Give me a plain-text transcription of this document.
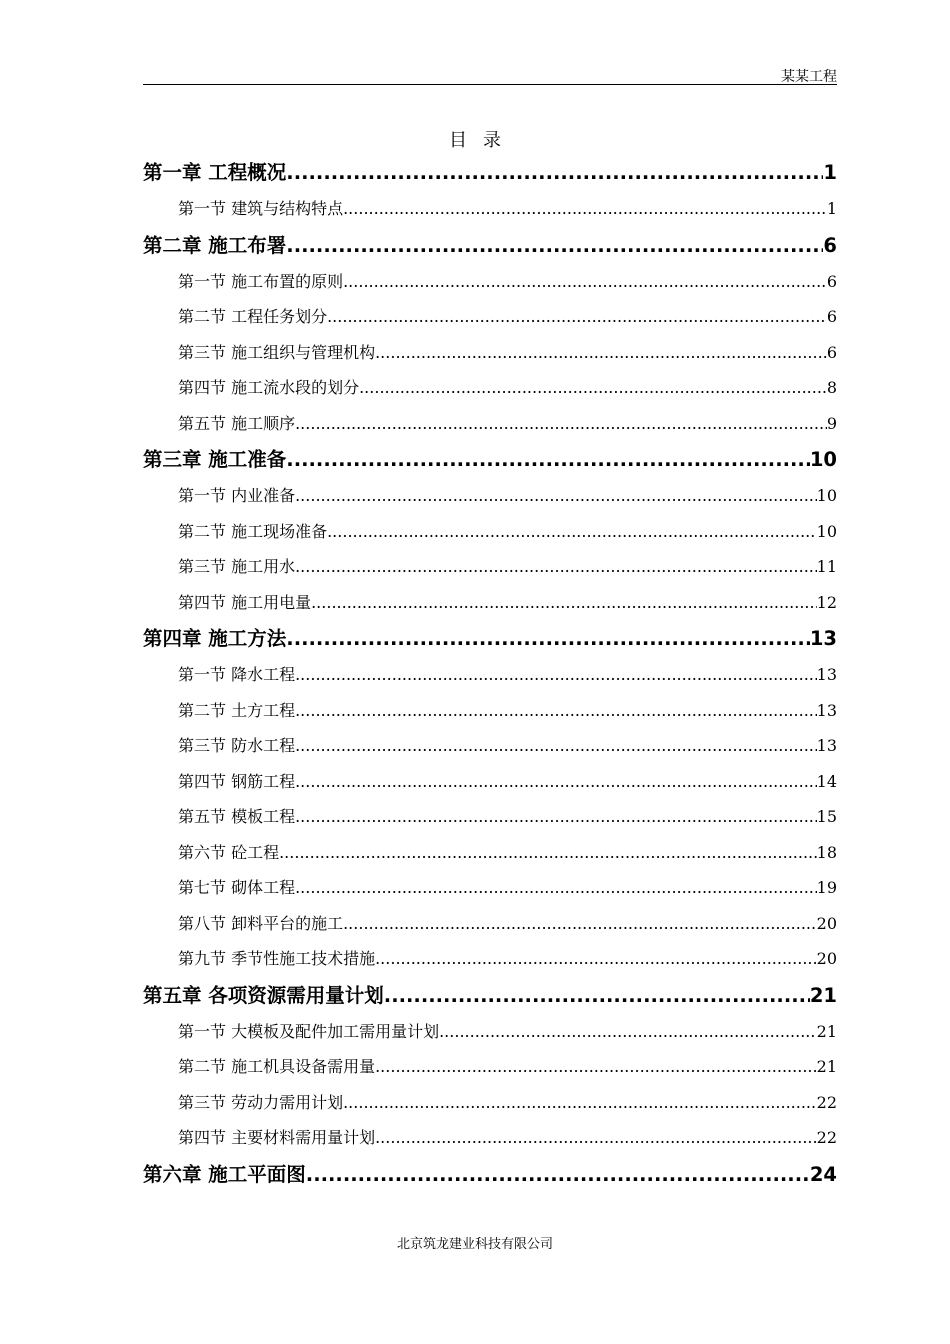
某某工程
目录
第一章 工程概况 .....	1
第一节 建筑与结构特点 .....	1
第二章 施工布署 .....	6
第一节 施工布置的原则 .....	6
第二节 工程任务划分 .....	6
第三节 施工组织与管理机构 .....	6
第四节 施工流水段的划分 .....	8
第五节 施工顺序 .....	9
第三章 施工准备 .....	10
第一节 内业准备 .....	10
第二节 施工现场准备 .....	10
第三节 施工用水 .....	11
第四节 施工用电量 .....	12
第四章 施工方法 .....	13
第一节 降水工程 .....	13
第二节 土方工程 .....	13
第三节 防水工程 .....	13
第四节 钢筋工程 .....	14
第五节 模板工程 .....	15
第六节 砼工程 .....	18
第七节 砌体工程 .....	19
第八节 卸料平台的施工 .....	20
第九节 季节性施工技术措施 .....	20
第五章 各项资源需用量计划 .....	21
第一节 大模板及配件加工需用量计划 .....	21
第二节 施工机具设备需用量 .....	21
第三节 劳动力需用计划 .....	22
第四节 主要材料需用量计划 .....	22
第六章 施工平面图 .....	24
北京筑龙建业科技有限公司
